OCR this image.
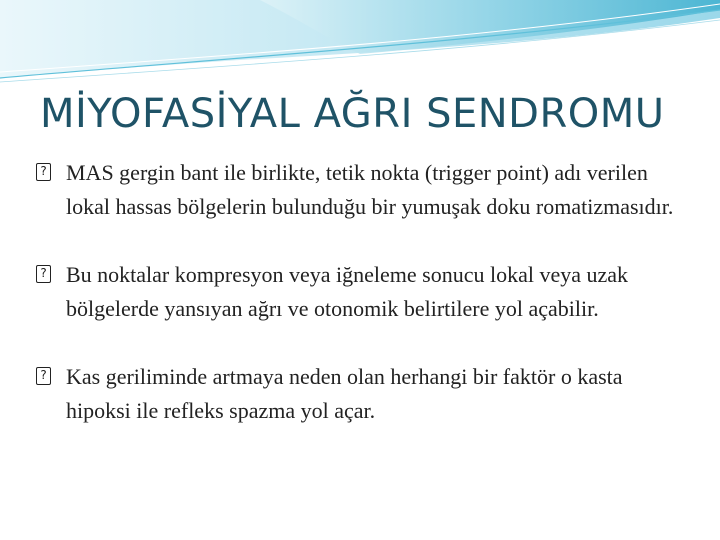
MİYOFASİYAL AĞRI SENDROMU
? MAS gergin bant ile birlikte, tetik nokta (trigger point) adı verilen lokal hassas bölgelerin bulunduğu bir yumuşak doku romatizmasıdır.
? Bu noktalar kompresyon veya iğneleme sonucu lokal veya uzak bölgelerde yansıyan ağrı ve otonomik belirtilere yol açabilir.
? Kas geriliminde artmaya neden olan herhangi bir faktör o kasta hipoksi ile refleks spazma yol açar.
